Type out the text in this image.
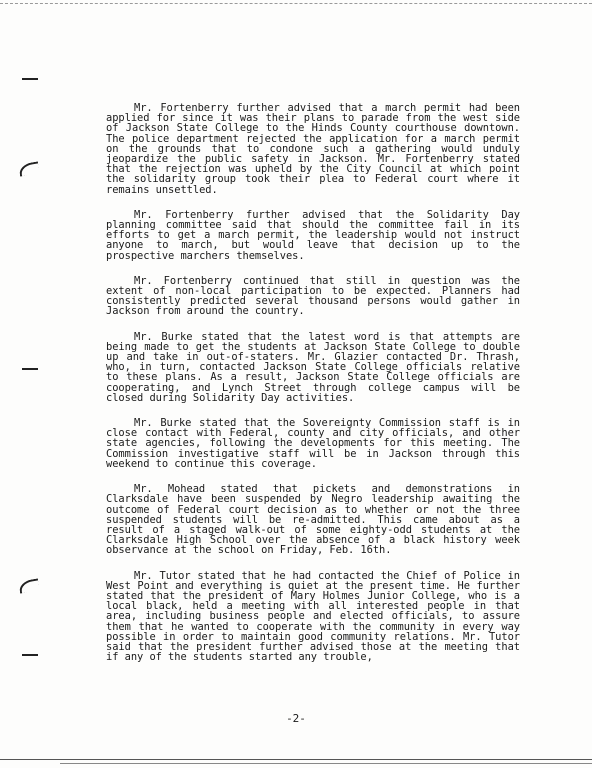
Mr. Fortenberry further advised that a march permit had been applied for since it was their plans to parade from the west side of Jackson State College to the Hinds County courthouse downtown. The police department rejected the application for a march permit on the grounds that to condone such a gathering would unduly jeopardize the public safety in Jackson. Mr. Fortenberry stated that the rejection was upheld by the City Council at which point the solidarity group took their plea to Federal court where it remains unsettled.

Mr. Fortenberry further advised that the Solidarity Day planning committee said that should the committee fail in its efforts to get a march permit, the leadership would not instruct anyone to march, but would leave that decision up to the prospective marchers themselves.

Mr. Fortenberry continued that still in question was the extent of non-local participation to be expected. Planners had consistently predicted several thousand persons would gather in Jackson from around the country.

Mr. Burke stated that the latest word is that attempts are being made to get the students at Jackson State College to double up and take in out-of-staters. Mr. Glazier contacted Dr. Thrash, who, in turn, contacted Jackson State College officials relative to these plans. As a result, Jackson State College officials are cooperating, and Lynch Street through college campus will be closed during Solidarity Day activities.

Mr. Burke stated that the Sovereignty Commission staff is in close contact with Federal, county and city officials, and other state agencies, following the developments for this meeting. The Commission investigative staff will be in Jackson through this weekend to continue this coverage.

Mr. Mohead stated that pickets and demonstrations in Clarksdale have been suspended by Negro leadership awaiting the outcome of Federal court decision as to whether or not the three suspended students will be re-admitted. This came about as a result of a staged walk-out of some eighty-odd students at the Clarksdale High School over the absence of a black history week observance at the school on Friday, Feb. 16th.

Mr. Tutor stated that he had contacted the Chief of Police in West Point and everything is quiet at the present time. He further stated that the president of Mary Holmes Junior College, who is a local black, held a meeting with all interested people in that area, including business people and elected officials, to assure them that he wanted to cooperate with the community in every way possible in order to maintain good community relations. Mr. Tutor said that the president further advised those at the meeting that if any of the students started any trouble,

-2-
